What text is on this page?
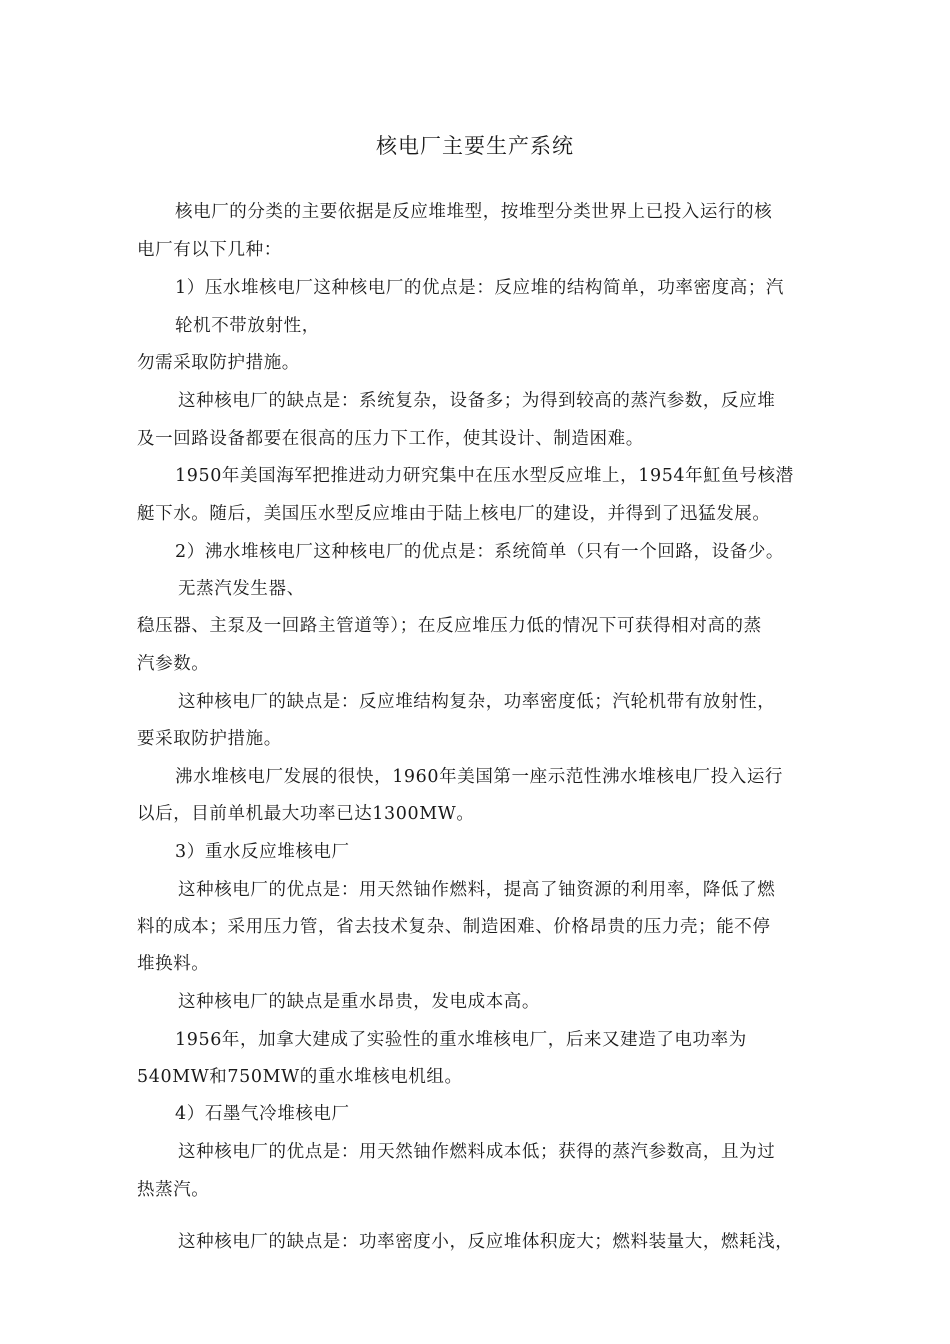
核电厂主要生产系统
核电厂的分类的主要依据是反应堆堆型，按堆型分类世界上已投入运行的核
电厂有以下几种：
1）压水堆核电厂这种核电厂的优点是：反应堆的结构简单，功率密度高；汽
轮机不带放射性，
勿需采取防护措施。
这种核电厂的缺点是：系统复杂，设备多；为得到较高的蒸汽参数，反应堆
及一回路设备都要在很高的压力下工作，使其设计、制造困难。
1950年美国海军把推进动力研究集中在压水型反应堆上，1954年魟鱼号核潜
艇下水。随后，美国压水型反应堆由于陆上核电厂的建设，并得到了迅猛发展。
2）沸水堆核电厂这种核电厂的优点是：系统简单（只有一个回路，设备少。
无蒸汽发生器、
稳压器、主泵及一回路主管道等）；在反应堆压力低的情况下可获得相对高的蒸
汽参数。
这种核电厂的缺点是：反应堆结构复杂，功率密度低；汽轮机带有放射性，
要采取防护措施。
沸水堆核电厂发展的很快，1960年美国第一座示范性沸水堆核电厂投入运行
以后，目前单机最大功率已达1300MW。
3）重水反应堆核电厂
这种核电厂的优点是：用天然铀作燃料，提高了铀资源的利用率，降低了燃
料的成本；采用压力管，省去技术复杂、制造困难、价格昂贵的压力壳；能不停
堆换料。
这种核电厂的缺点是重水昂贵，发电成本高。
1956年，加拿大建成了实验性的重水堆核电厂，后来又建造了电功率为
540MW和750MW的重水堆核电机组。
4）石墨气冷堆核电厂
这种核电厂的优点是：用天然铀作燃料成本低；获得的蒸汽参数高，且为过
热蒸汽。
这种核电厂的缺点是：功率密度小，反应堆体积庞大；燃料装量大，燃耗浅，
